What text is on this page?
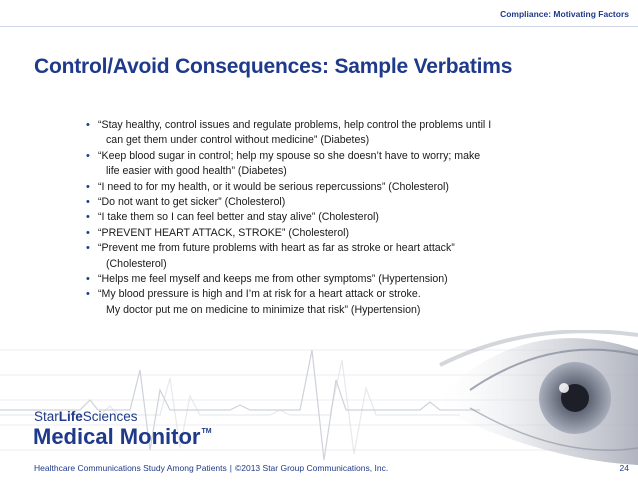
Compliance: Motivating Factors
Control/Avoid Consequences: Sample Verbatims
• “Stay healthy, control issues and regulate problems, help control the problems until I
can get them under control without medicine” (Diabetes)
• “Keep blood sugar in control; help my spouse so she doesn’t have to worry; make
life easier with good health” (Diabetes)
• “I need to for my health, or it would be serious repercussions” (Cholesterol)
• “Do not want to get sicker” (Cholesterol)
• “I take them so I can feel better and stay alive” (Cholesterol)
• “PREVENT HEART ATTACK, STROKE” (Cholesterol)
• “Prevent me from future problems with heart as far as stroke or heart attack”
(Cholesterol)
• “Helps me feel myself and keeps me from other symptoms” (Hypertension)
• “My blood pressure is high and I’m at risk for a heart attack or stroke.
My doctor put me on medicine to minimize that risk” (Hypertension)
StarLifeSciences
Medical Monitor™
Healthcare Communications Study Among Patients | ©2013 Star Group Communications, Inc.	24
